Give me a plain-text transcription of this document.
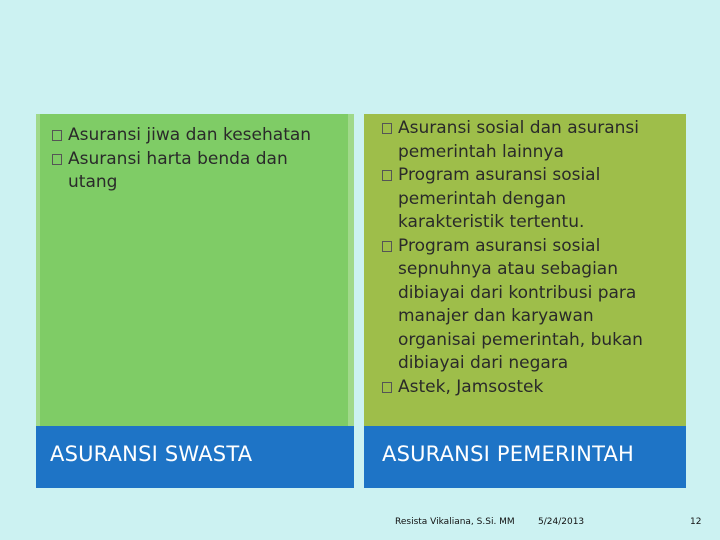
Asuransi jiwa dan kesehatan
Asuransi harta benda dan utang
ASURANSI SWASTA
Asuransi sosial dan asuransi pemerintah lainnya
Program asuransi sosial pemerintah dengan karakteristik tertentu.
Program asuransi sosial sepnuhnya atau sebagian dibiayai dari kontribusi para manajer dan karyawan organisai pemerintah, bukan dibiayai dari negara
Astek, Jamsostek
ASURANSI PEMERINTAH
Resista Vikaliana, S.Si. MM	5/24/2013	12
